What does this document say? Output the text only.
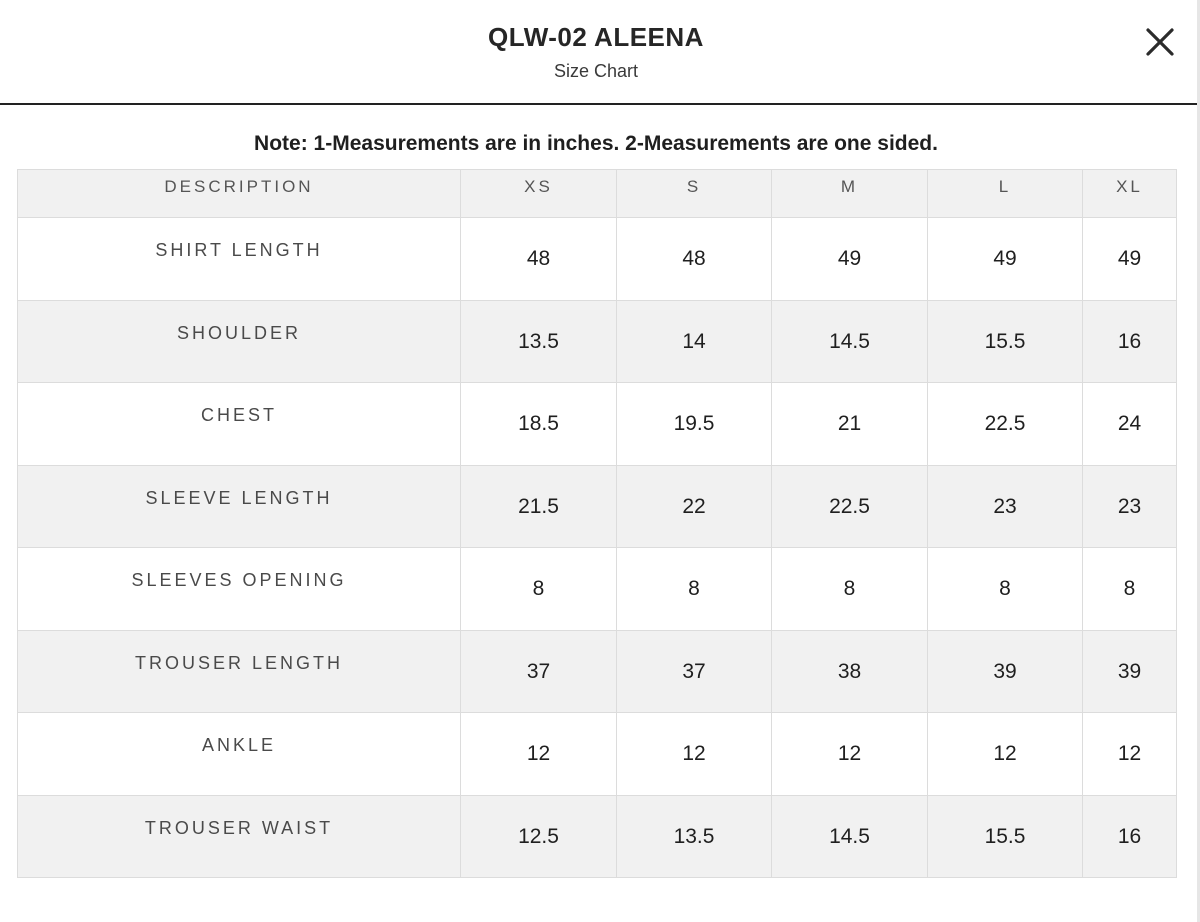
QLW-02 ALEENA
Size Chart
Note: 1-Measurements are in inches. 2-Measurements are one sided.
DESCRIPTION	XS	S	M	L	XL
SHIRT LENGTH	48	48	49	49	49
SHOULDER	13.5	14	14.5	15.5	16
CHEST	18.5	19.5	21	22.5	24
SLEEVE LENGTH	21.5	22	22.5	23	23
SLEEVES OPENING	8	8	8	8	8
TROUSER LENGTH	37	37	38	39	39
ANKLE	12	12	12	12	12
TROUSER WAIST	12.5	13.5	14.5	15.5	16
